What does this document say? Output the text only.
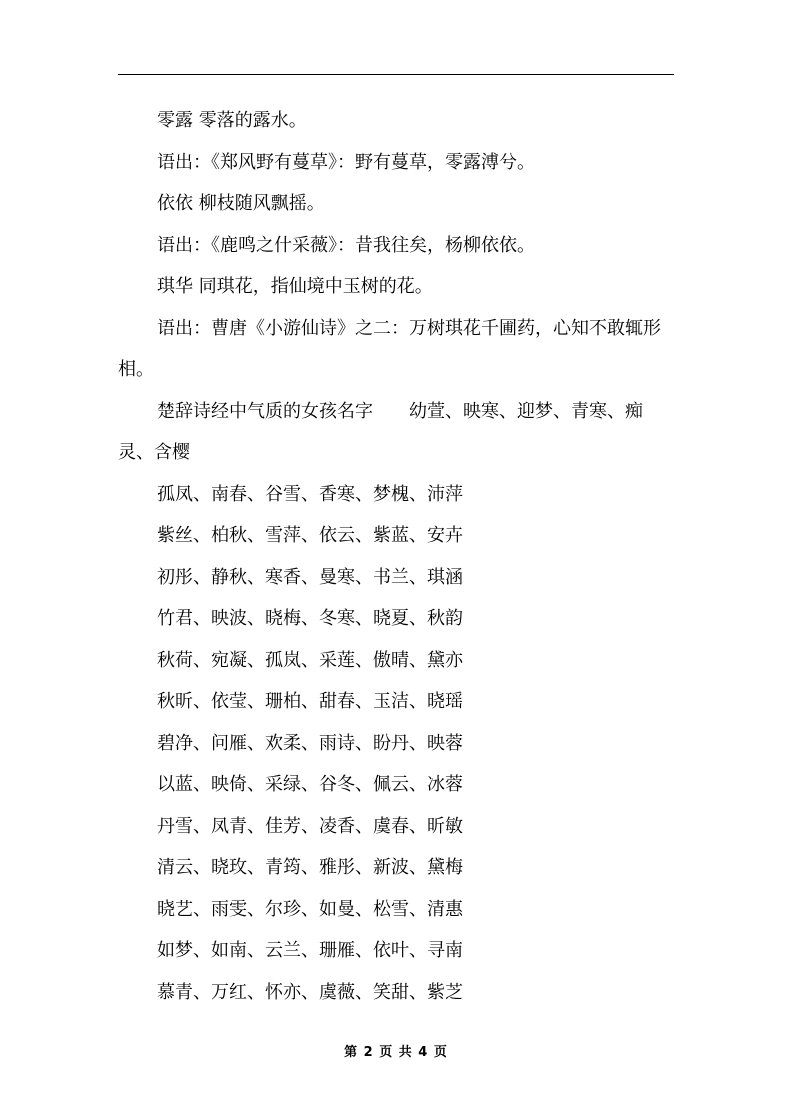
零露 零落的露水。

语出：《郑风野有蔓草》：野有蔓草，零露溥兮。

依依 柳枝随风飘摇。

语出：《鹿鸣之什采薇》：昔我往矣，杨柳依依。

琪华 同琪花，指仙境中玉树的花。

语出：曹唐《小游仙诗》之二：万树琪花千圃药，心知不敢辄形相。

楚辞诗经中气质的女孩名字　　幼萱、映寒、迎梦、青寒、痴灵、含樱

孤凤、南春、谷雪、香寒、梦槐、沛萍

紫丝、柏秋、雪萍、依云、紫蓝、安卉

初彤、静秋、寒香、曼寒、书兰、琪涵

竹君、映波、晓梅、冬寒、晓夏、秋韵

秋荷、宛凝、孤岚、采莲、傲晴、黛亦

秋昕、依莹、珊柏、甜春、玉洁、晓瑶

碧净、问雁、欢柔、雨诗、盼丹、映蓉

以蓝、映倚、采绿、谷冬、佩云、冰蓉

丹雪、凤青、佳芳、凌香、虞春、昕敏

清云、晓玫、青筠、雅彤、新波、黛梅

晓艺、雨雯、尔珍、如曼、松雪、清惠

如梦、如南、云兰、珊雁、依叶、寻南

慕青、万红、怀亦、虞薇、笑甜、紫芝

第 2 页 共 4 页
